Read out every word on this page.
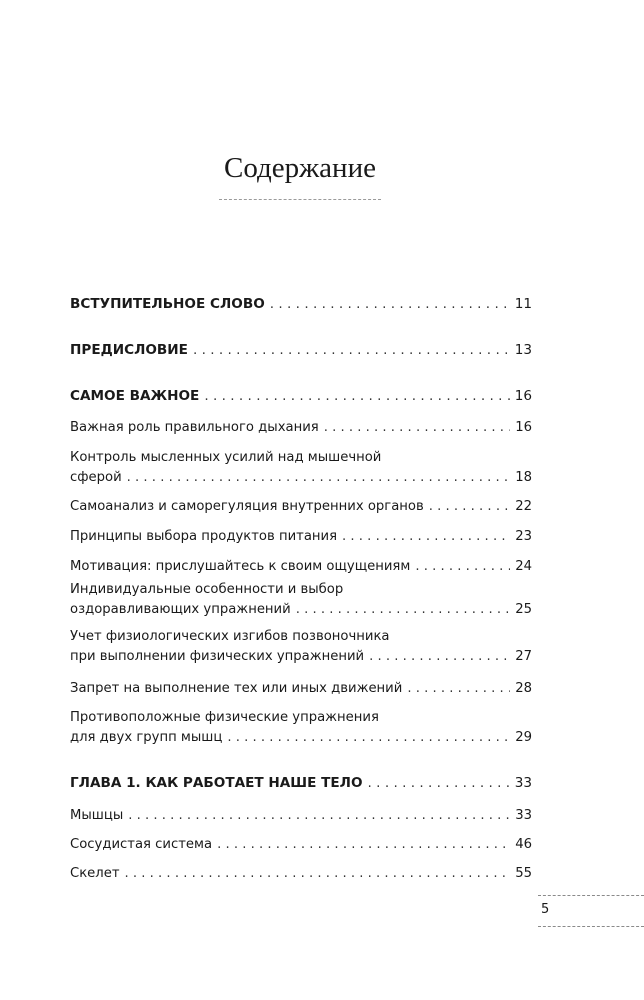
Содержание
ВСТУПИТЕЛЬНОЕ СЛОВО . . .	11
ПРЕДИСЛОВИЕ . . .	13
САМОЕ ВАЖНОЕ . . .	16
Важная роль правильного дыхания . . .	16
Контроль мысленных усилий над мышечной
сферой . . .	18
Самоанализ и саморегуляция внутренних органов . . .	22
Принципы выбора продуктов питания . . .	23
Мотивация: прислушайтесь к своим ощущениям . . .	24
Индивидуальные особенности и выбор
оздоравливающих упражнений . . .	25
Учет физиологических изгибов позвоночника
при выполнении физических упражнений . . .	27
Запрет на выполнение тех или иных движений . . .	28
Противоположные физические упражнения
для двух групп мышц . . .	29
ГЛАВА 1. КАК РАБОТАЕТ НАШЕ ТЕЛО . . .	33
Мышцы . . .	33
Сосудистая система . . .	46
Скелет . . .	55
5
